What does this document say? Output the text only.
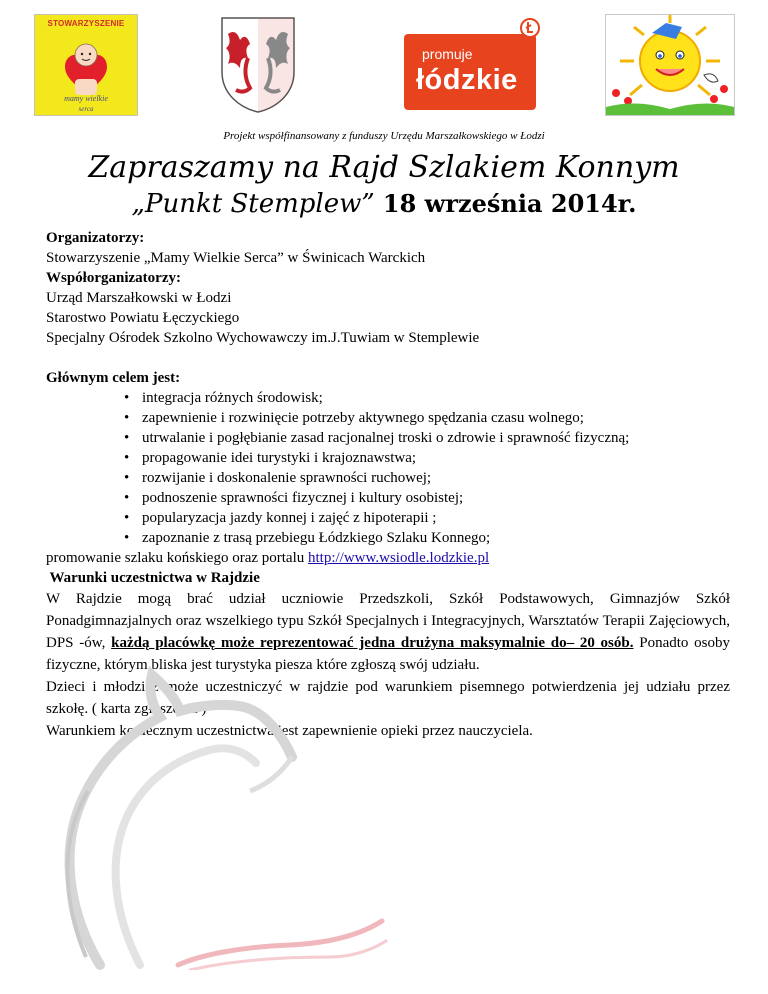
STOWARZYSZENIE
mamy wielkie
serca
promuje
łódzkie
Projekt współfinansowany z funduszy Urzędu Marszałkowskiego w Łodzi
Zapraszamy na Rajd Szlakiem Konnym
„Punkt Stemplew” 18 września 2014r.

Organizatorzy:

Stowarzyszenie „Mamy Wielkie Serca” w Świnicach Warckich

Współorganizatorzy:

Urząd Marszałkowski w Łodzi

Starostwo Powiatu Łęczyckiego

Specjalny Ośrodek Szkolno Wychowawczy im.J.Tuwiam w Stemplewie

Głównym celem jest:

• integracja różnych środowisk;
• zapewnienie i rozwinięcie potrzeby aktywnego spędzania czasu wolnego;
• utrwalanie i pogłębianie zasad racjonalnej troski o zdrowie i sprawność fizyczną;
• propagowanie idei turystyki i krajoznawstwa;
• rozwijanie i doskonalenie sprawności ruchowej;
• podnoszenie sprawności fizycznej i kultury osobistej;
• popularyzacja jazdy konnej i zajęć z hipoterapii ;
• zapoznanie z trasą przebiegu Łódzkiego Szlaku Konnego;

promowanie szlaku końskiego oraz portalu http://www.wsiodle.lodzkie.pl

Warunki uczestnictwa w Rajdzie

W Rajdzie mogą brać udział uczniowie Przedszkoli, Szkół Podstawowych, Gimnazjów Szkół Ponadgimnazjalnych oraz wszelkiego typu Szkół Specjalnych i Integracyjnych, Warsztatów Terapii Zajęciowych, DPS -ów, każdą placówkę może reprezentować jedna drużyna maksymalnie do– 20 osób. Ponadto osoby fizyczne, którym bliska jest turystyka piesza które zgłoszą swój udziału.

Dzieci i młodzież może uczestniczyć w rajdzie pod warunkiem pisemnego potwierdzenia jej udziału przez szkołę. ( karta zgłoszenia )

Warunkiem koniecznym uczestnictwa jest zapewnienie opieki przez nauczyciela.
